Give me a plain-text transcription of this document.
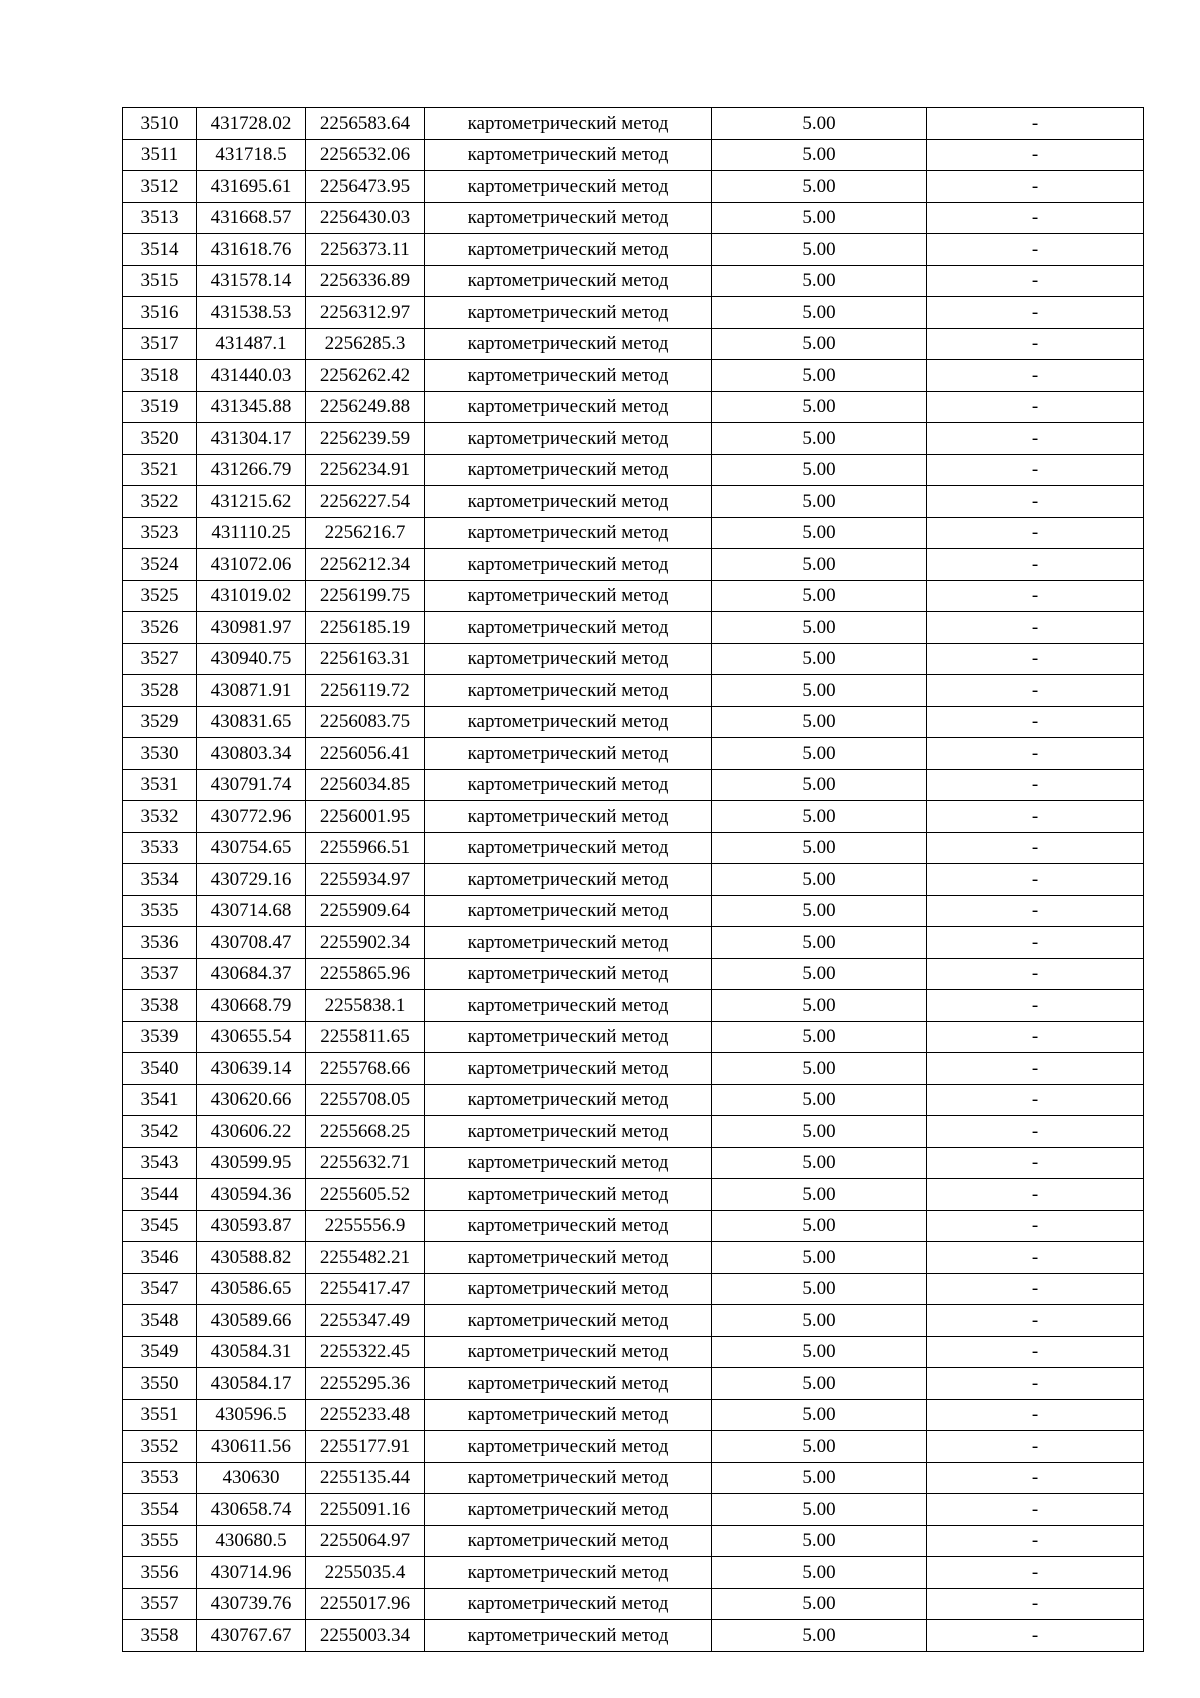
3510	431728.02	2256583.64	картометрический метод	5.00	-
3511	431718.5	2256532.06	картометрический метод	5.00	-
3512	431695.61	2256473.95	картометрический метод	5.00	-
3513	431668.57	2256430.03	картометрический метод	5.00	-
3514	431618.76	2256373.11	картометрический метод	5.00	-
3515	431578.14	2256336.89	картометрический метод	5.00	-
3516	431538.53	2256312.97	картометрический метод	5.00	-
3517	431487.1	2256285.3	картометрический метод	5.00	-
3518	431440.03	2256262.42	картометрический метод	5.00	-
3519	431345.88	2256249.88	картометрический метод	5.00	-
3520	431304.17	2256239.59	картометрический метод	5.00	-
3521	431266.79	2256234.91	картометрический метод	5.00	-
3522	431215.62	2256227.54	картометрический метод	5.00	-
3523	431110.25	2256216.7	картометрический метод	5.00	-
3524	431072.06	2256212.34	картометрический метод	5.00	-
3525	431019.02	2256199.75	картометрический метод	5.00	-
3526	430981.97	2256185.19	картометрический метод	5.00	-
3527	430940.75	2256163.31	картометрический метод	5.00	-
3528	430871.91	2256119.72	картометрический метод	5.00	-
3529	430831.65	2256083.75	картометрический метод	5.00	-
3530	430803.34	2256056.41	картометрический метод	5.00	-
3531	430791.74	2256034.85	картометрический метод	5.00	-
3532	430772.96	2256001.95	картометрический метод	5.00	-
3533	430754.65	2255966.51	картометрический метод	5.00	-
3534	430729.16	2255934.97	картометрический метод	5.00	-
3535	430714.68	2255909.64	картометрический метод	5.00	-
3536	430708.47	2255902.34	картометрический метод	5.00	-
3537	430684.37	2255865.96	картометрический метод	5.00	-
3538	430668.79	2255838.1	картометрический метод	5.00	-
3539	430655.54	2255811.65	картометрический метод	5.00	-
3540	430639.14	2255768.66	картометрический метод	5.00	-
3541	430620.66	2255708.05	картометрический метод	5.00	-
3542	430606.22	2255668.25	картометрический метод	5.00	-
3543	430599.95	2255632.71	картометрический метод	5.00	-
3544	430594.36	2255605.52	картометрический метод	5.00	-
3545	430593.87	2255556.9	картометрический метод	5.00	-
3546	430588.82	2255482.21	картометрический метод	5.00	-
3547	430586.65	2255417.47	картометрический метод	5.00	-
3548	430589.66	2255347.49	картометрический метод	5.00	-
3549	430584.31	2255322.45	картометрический метод	5.00	-
3550	430584.17	2255295.36	картометрический метод	5.00	-
3551	430596.5	2255233.48	картометрический метод	5.00	-
3552	430611.56	2255177.91	картометрический метод	5.00	-
3553	430630	2255135.44	картометрический метод	5.00	-
3554	430658.74	2255091.16	картометрический метод	5.00	-
3555	430680.5	2255064.97	картометрический метод	5.00	-
3556	430714.96	2255035.4	картометрический метод	5.00	-
3557	430739.76	2255017.96	картометрический метод	5.00	-
3558	430767.67	2255003.34	картометрический метод	5.00	-
